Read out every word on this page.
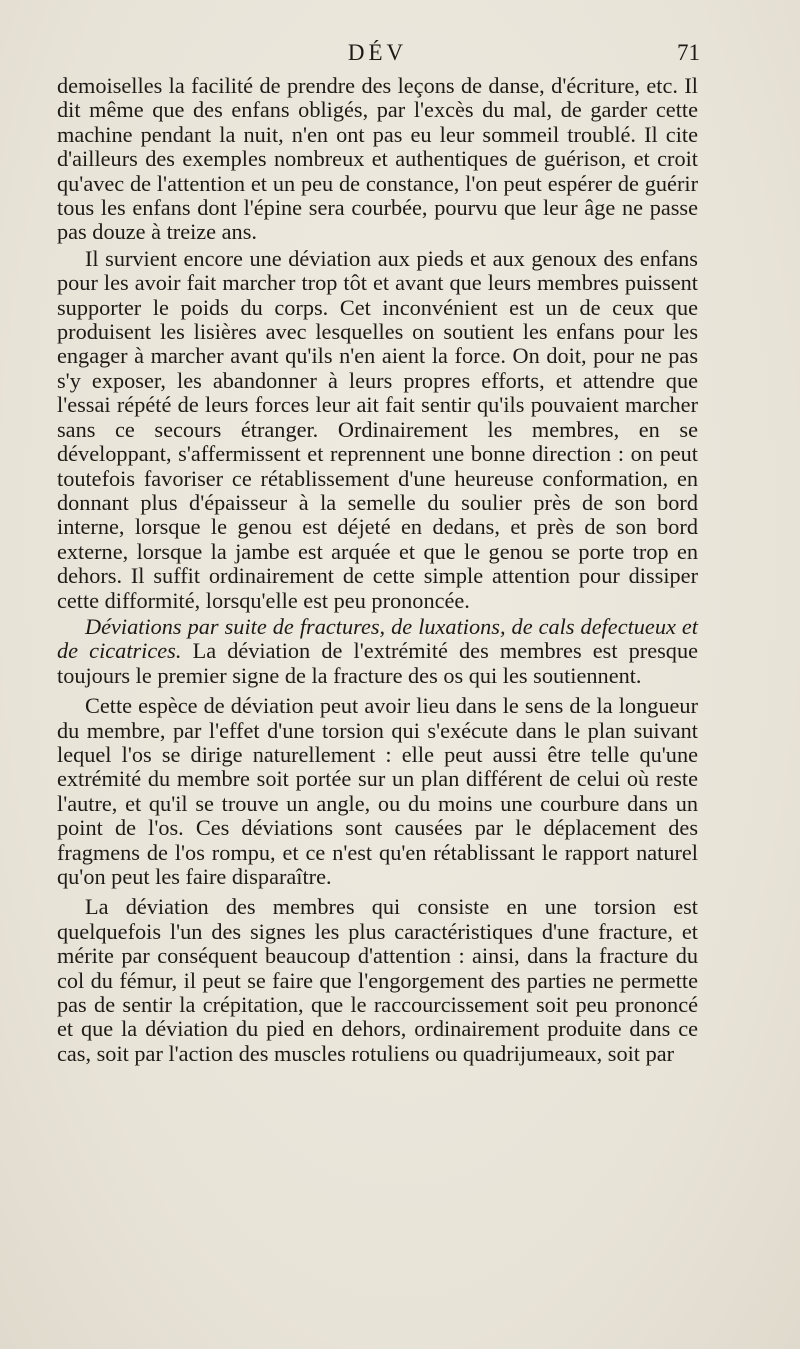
DÉV	71

demoiselles la facilité de prendre des leçons de danse, d'écriture, etc. Il dit même que des enfans obligés, par l'excès du mal, de garder cette machine pendant la nuit, n'en ont pas eu leur sommeil troublé. Il cite d'ailleurs des exemples nombreux et authentiques de guérison, et croit qu'avec de l'attention et un peu de constance, l'on peut espérer de guérir tous les enfans dont l'épine sera courbée, pourvu que leur âge ne passe pas douze à treize ans.

Il survient encore une déviation aux pieds et aux genoux des enfans pour les avoir fait marcher trop tôt et avant que leurs membres puissent supporter le poids du corps. Cet inconvénient est un de ceux que produisent les lisières avec lesquelles on soutient les enfans pour les engager à marcher avant qu'ils n'en aient la force. On doit, pour ne pas s'y exposer, les abandonner à leurs propres efforts, et attendre que l'essai répété de leurs forces leur ait fait sentir qu'ils pouvaient marcher sans ce secours étranger. Ordinairement les membres, en se développant, s'affermissent et reprennent une bonne direction : on peut toutefois favoriser ce rétablissement d'une heureuse conformation, en donnant plus d'épaisseur à la semelle du soulier près de son bord interne, lorsque le genou est déjeté en dedans, et près de son bord externe, lorsque la jambe est arquée et que le genou se porte trop en dehors. Il suffit ordinairement de cette simple attention pour dissiper cette difformité, lorsqu'elle est peu prononcée.

Déviations par suite de fractures, de luxations, de cals defectueux et de cicatrices. La déviation de l'extrémité des membres est presque toujours le premier signe de la fracture des os qui les soutiennent.

Cette espèce de déviation peut avoir lieu dans le sens de la longueur du membre, par l'effet d'une torsion qui s'exécute dans le plan suivant lequel l'os se dirige naturellement : elle peut aussi être telle qu'une extrémité du membre soit portée sur un plan différent de celui où reste l'autre, et qu'il se trouve un angle, ou du moins une courbure dans un point de l'os. Ces déviations sont causées par le déplacement des fragmens de l'os rompu, et ce n'est qu'en rétablissant le rapport naturel qu'on peut les faire disparaître.

La déviation des membres qui consiste en une torsion est quelquefois l'un des signes les plus caractéristiques d'une fracture, et mérite par conséquent beaucoup d'attention : ainsi, dans la fracture du col du fémur, il peut se faire que l'engorgement des parties ne permette pas de sentir la crépitation, que le raccourcissement soit peu prononcé et que la déviation du pied en dehors, ordinairement produite dans ce cas, soit par l'action des muscles rotuliens ou quadrijumeaux, soit par
